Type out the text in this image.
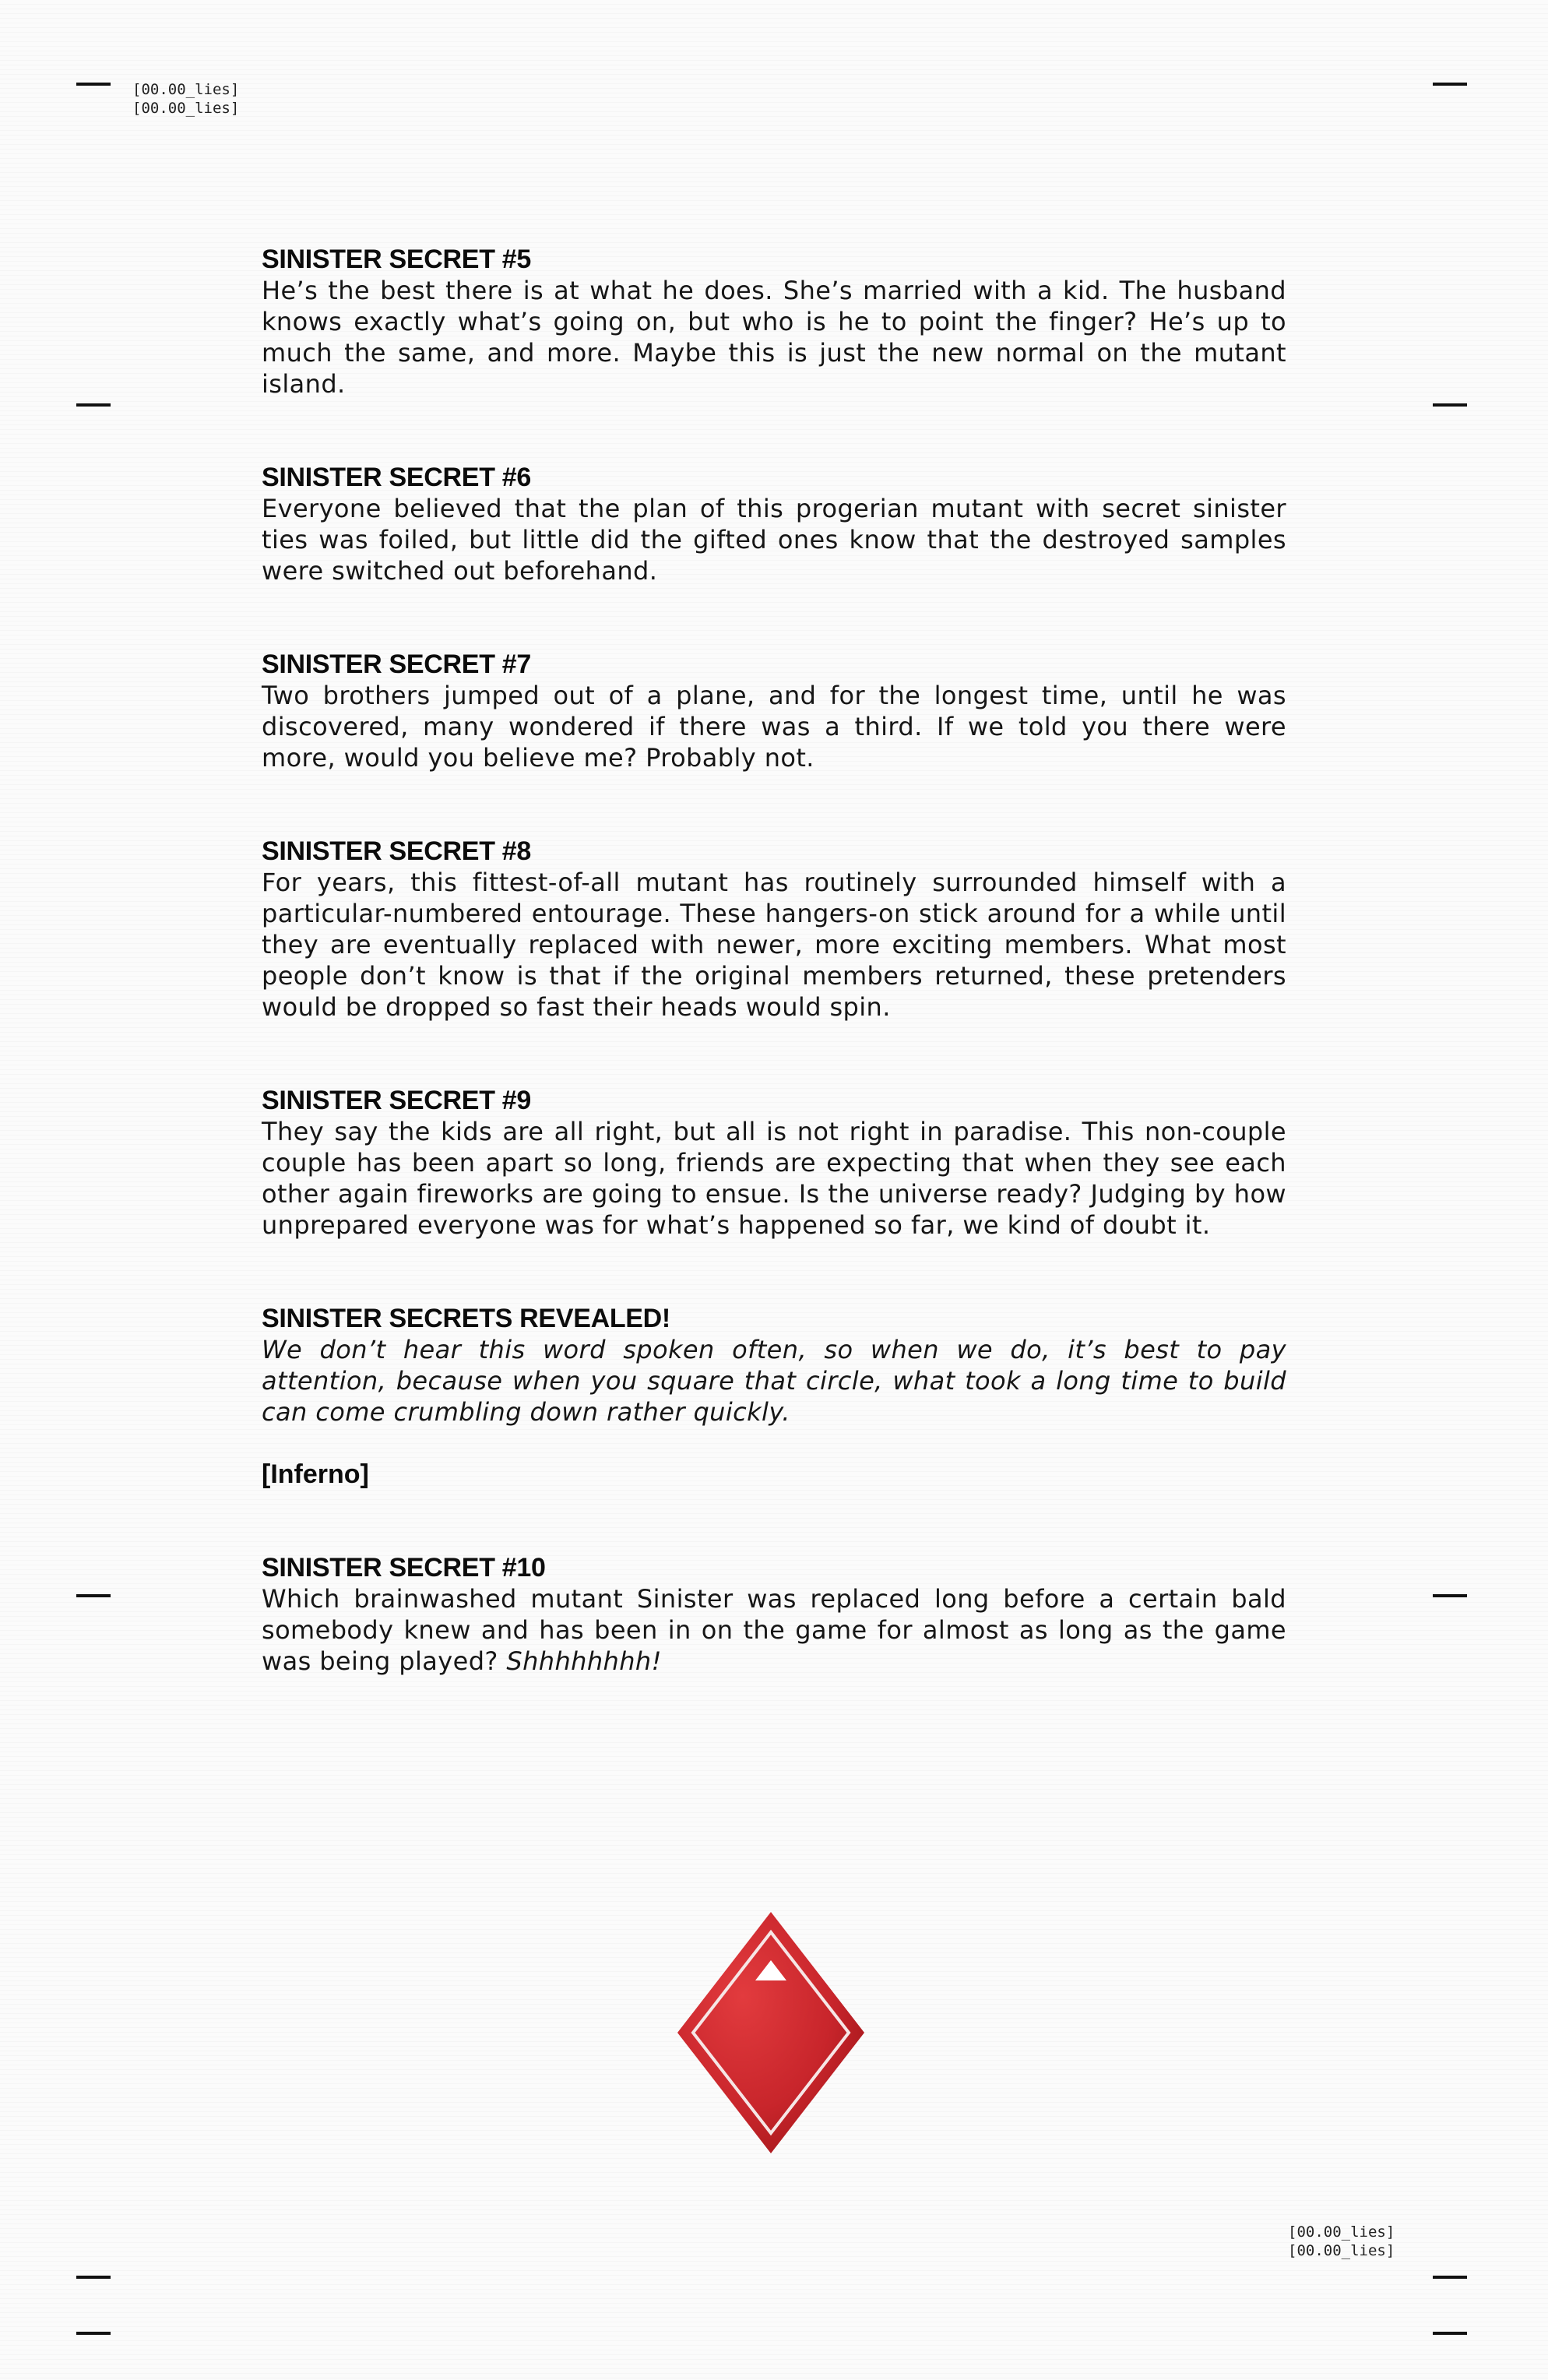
[00.00_lies]
[00.00_lies]
[00.00_lies]
[00.00_lies]

SINISTER SECRET #5

He’s the best there is at what he does. She’s married with a kid. The husband knows exactly what’s going on, but who is he to point the finger? He’s up to much the same, and more. Maybe this is just the new normal on the mutant island.

SINISTER SECRET #6

Everyone believed that the plan of this progerian mutant with secret sinister ties was foiled, but little did the gifted ones know that the destroyed samples were switched out beforehand.

SINISTER SECRET #7

Two brothers jumped out of a plane, and for the longest time, until he was discovered, many wondered if there was a third. If we told you there were more, would you believe me? Probably not.

SINISTER SECRET #8

For years, this fittest-of-all mutant has routinely surrounded himself with a particular-numbered entourage. These hangers-on stick around for a while until they are eventually replaced with newer, more exciting members. What most people don’t know is that if the original members returned, these pretenders would be dropped so fast their heads would spin.

SINISTER SECRET #9

They say the kids are all right, but all is not right in paradise. This non-couple couple has been apart so long, friends are expecting that when they see each other again fireworks are going to ensue. Is the universe ready? Judging by how unprepared everyone was for what’s happened so far, we kind of doubt it.

SINISTER SECRETS REVEALED!

We don’t hear this word spoken often, so when we do, it’s best to pay attention, because when you square that circle, what took a long time to build can come crumbling down rather quickly.

[Inferno]

SINISTER SECRET #10

Which brainwashed mutant Sinister was replaced long before a certain bald somebody knew and has been in on the game for almost as long as the game was being played? Shhhhhhhh!
